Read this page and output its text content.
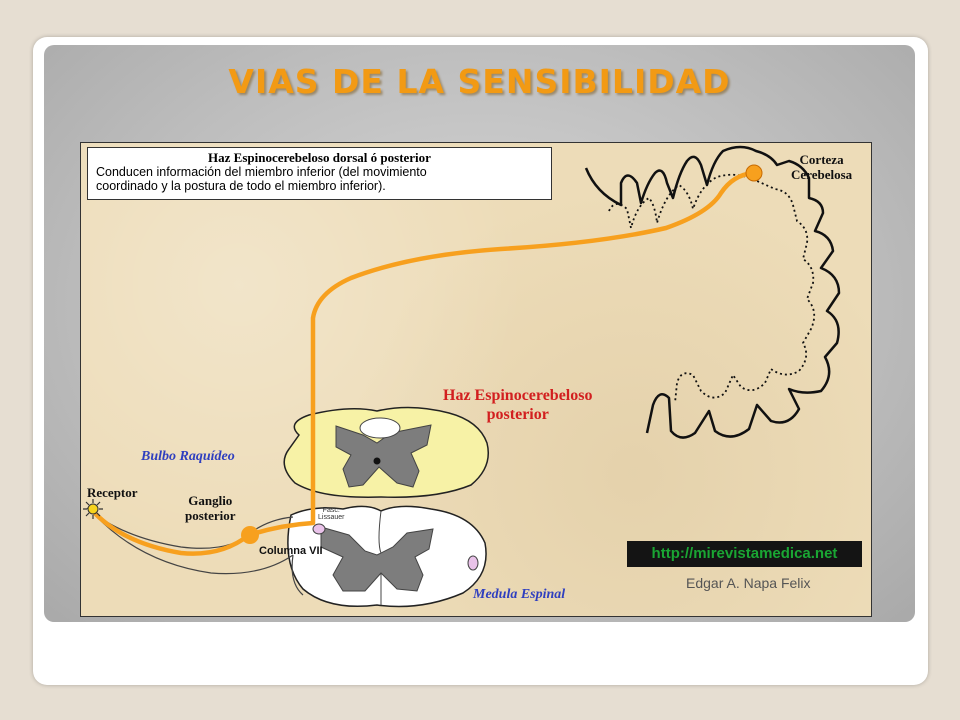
VIAS DE LA SENSIBILIDAD
Haz Espinocerebeloso dorsal ó posterior
Conducen información del miembro inferior (del movimiento
coordinado y la postura de todo el miembro inferior).
Corteza
Cerebelosa
Haz Espinocerebeloso
posterior
Bulbo Raquídeo
Receptor
Ganglio
posterior
Columna VII
Fasc.
Lissauer
Medula Espinal
http://mirevistamedica.net
Edgar A. Napa Felix
